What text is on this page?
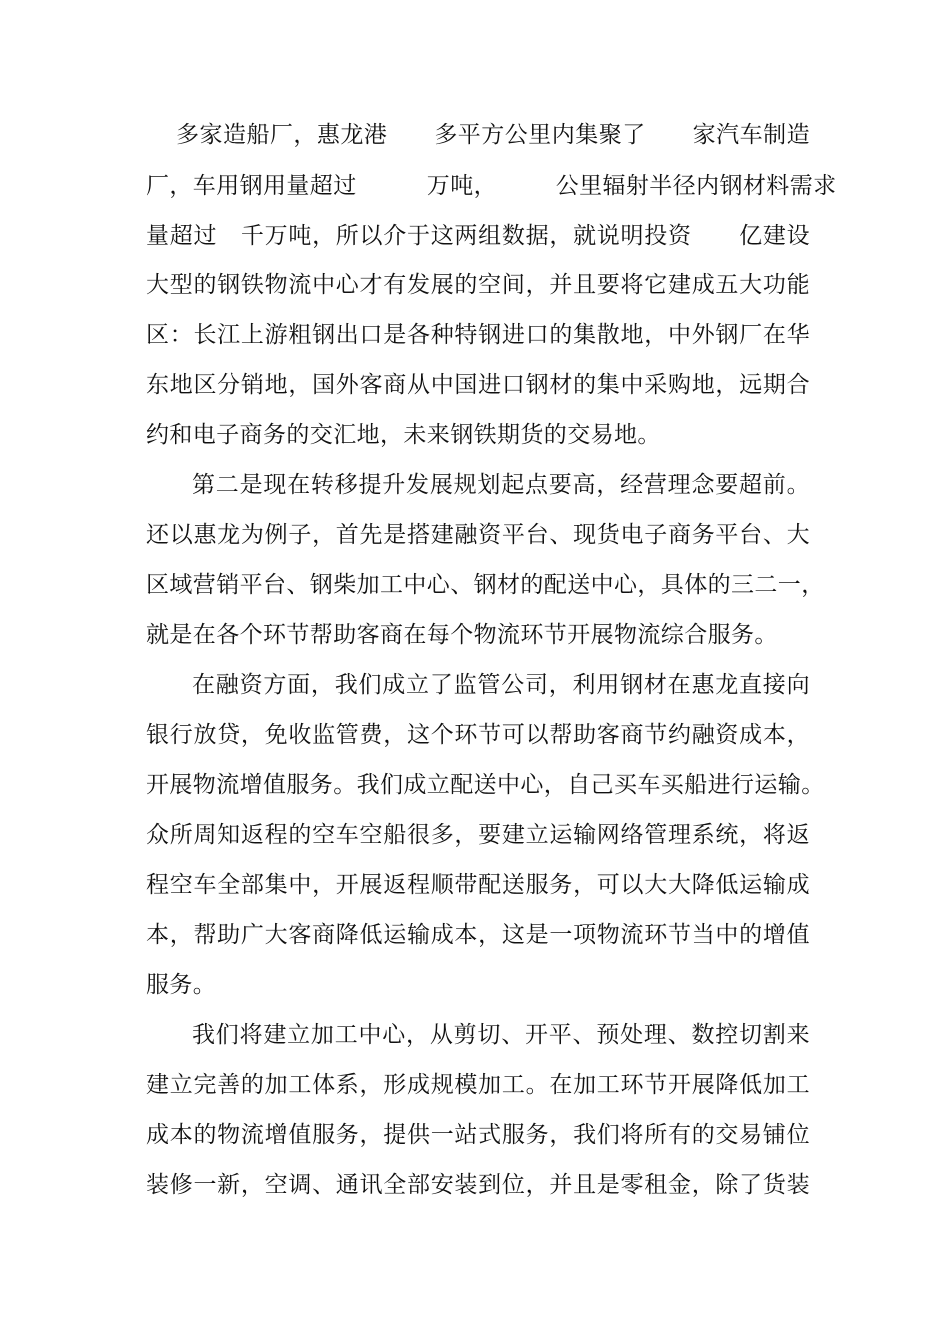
多家造船厂，惠龙港　　多平方公里内集聚了　　家汽车制造
厂，车用钢用量超过　　　万吨，　　　公里辐射半径内钢材料需求
量超过　千万吨，所以介于这两组数据，就说明投资　　亿建设
大型的钢铁物流中心才有发展的空间，并且要将它建成五大功能
区：长江上游粗钢出口是各种特钢进口的集散地，中外钢厂在华
东地区分销地，国外客商从中国进口钢材的集中采购地，远期合
约和电子商务的交汇地，未来钢铁期货的交易地。
第二是现在转移提升发展规划起点要高，经营理念要超前。
还以惠龙为例子，首先是搭建融资平台、现货电子商务平台、大
区域营销平台、钢柴加工中心、钢材的配送中心，具体的三二一，
就是在各个环节帮助客商在每个物流环节开展物流综合服务。
在融资方面，我们成立了监管公司，利用钢材在惠龙直接向
银行放贷，免收监管费，这个环节可以帮助客商节约融资成本，
开展物流增值服务。我们成立配送中心，自己买车买船进行运输。
众所周知返程的空车空船很多，要建立运输网络管理系统，将返
程空车全部集中，开展返程顺带配送服务，可以大大降低运输成
本，帮助广大客商降低运输成本，这是一项物流环节当中的增值
服务。
我们将建立加工中心，从剪切、开平、预处理、数控切割来
建立完善的加工体系，形成规模加工。在加工环节开展降低加工
成本的物流增值服务，提供一站式服务，我们将所有的交易铺位
装修一新，空调、通讯全部安装到位，并且是零租金，除了货装
